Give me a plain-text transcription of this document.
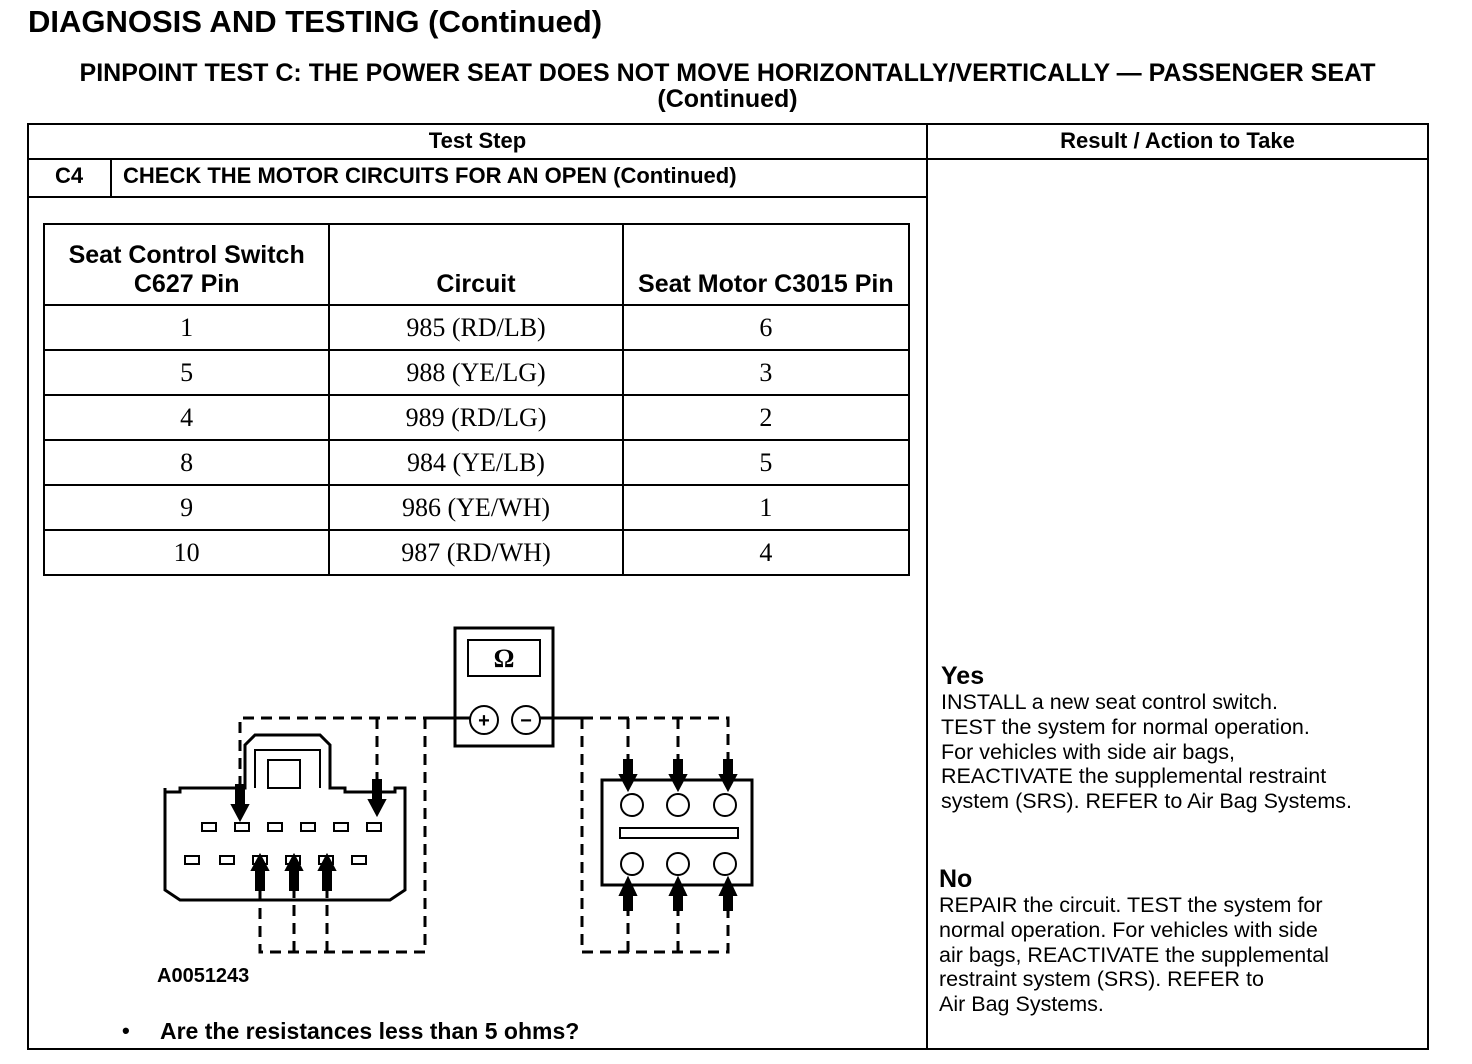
DIAGNOSIS AND TESTING (Continued)
PINPOINT TEST C: THE POWER SEAT DOES NOT MOVE HORIZONTALLY/VERTICALLY — PASSENGER SEAT (Continued)
Test Step	Result / Action to Take
C4	CHECK THE MOTOR CIRCUITS FOR AN OPEN (Continued)
Seat Control Switch C627 Pin	Circuit	Seat Motor C3015 Pin
1	985 (RD/LB)	6
5	988 (YE/LG)	3
4	989 (RD/LG)	2
8	984 (YE/LB)	5
9	986 (YE/WH)	1
10	987 (RD/WH)	4
Ω
+ −
A0051243
• Are the resistances less than 5 ohms?
Yes
INSTALL a new seat control switch.
TEST the system for normal operation.
For vehicles with side air bags,
REACTIVATE the supplemental restraint
system (SRS). REFER to Air Bag Systems.
No
REPAIR the circuit. TEST the system for
normal operation. For vehicles with side
air bags, REACTIVATE the supplemental
restraint system (SRS). REFER to
Air Bag Systems.
